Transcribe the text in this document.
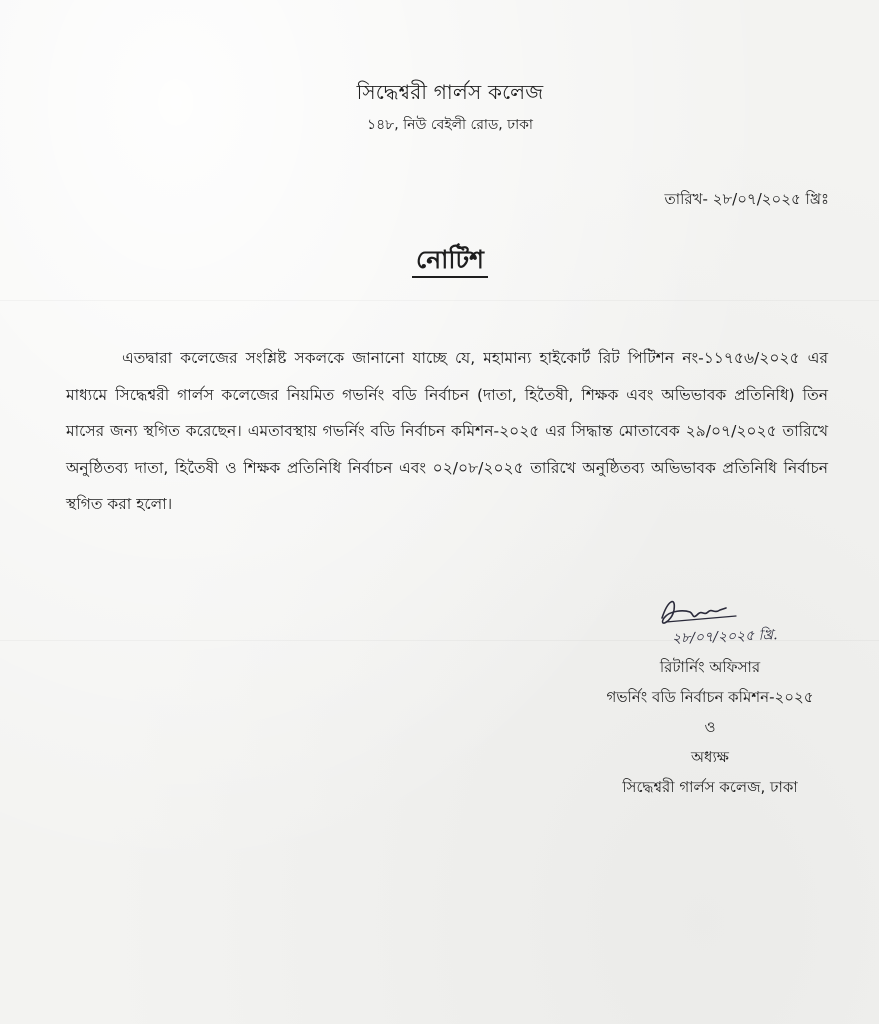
সিদ্ধেশ্বরী গার্লস কলেজ
১৪৮, নিউ বেইলী রোড, ঢাকা
তারিখ- ২৮/০৭/২০২৫ খ্রিঃ
নোটিশ

এতদ্বারা কলেজের সংশ্লিষ্ট সকলকে জানানো যাচ্ছে যে, মহামান্য হাইকোর্ট রিট পিটিশন নং-১১৭৫৬/২০২৫ এর মাধ্যমে সিদ্ধেশ্বরী গার্লস কলেজের নিয়মিত গভর্নিং বডি নির্বাচন (দাতা, হিতৈষী, শিক্ষক এবং অভিভাবক প্রতিনিধি) তিন মাসের জন্য স্থগিত করেছেন। এমতাবস্থায় গভর্নিং বডি নির্বাচন কমিশন-২০২৫ এর সিদ্ধান্ত মোতাবেক ২৯/০৭/২০২৫ তারিখে অনুষ্ঠিতব্য দাতা, হিতৈষী ও শিক্ষক প্রতিনিধি নির্বাচন এবং ০২/০৮/২০২৫ তারিখে অনুষ্ঠিতব্য অভিভাবক প্রতিনিধি নির্বাচন স্থগিত করা হলো।

২৮/০৭/২০২৫ খ্রি.
রিটার্নিং অফিসার
গভর্নিং বডি নির্বাচন কমিশন-২০২৫
ও
অধ্যক্ষ
সিদ্ধেশ্বরী গার্লস কলেজ, ঢাকা
